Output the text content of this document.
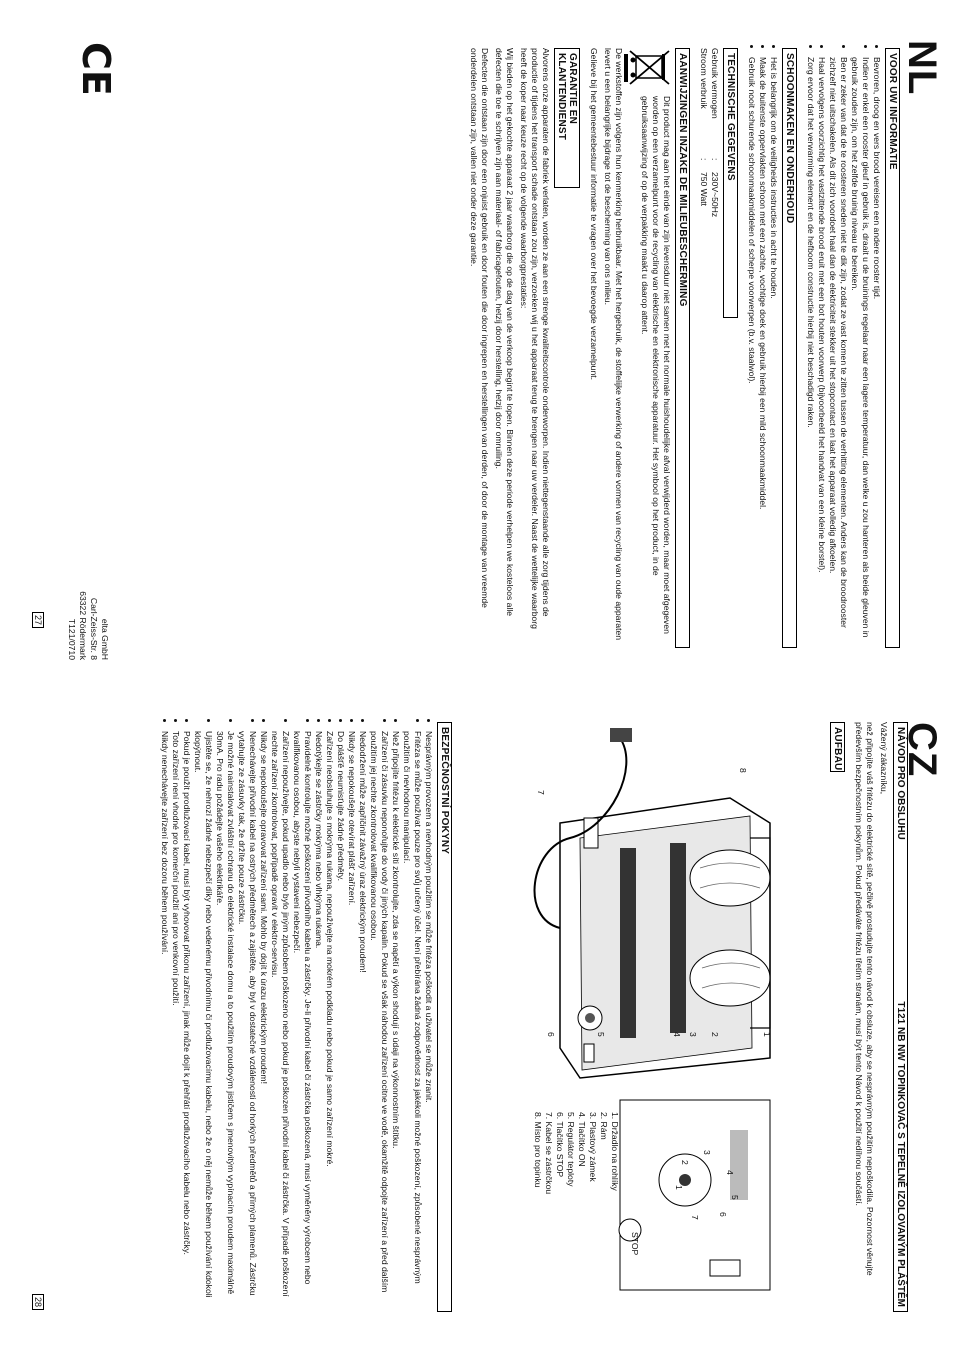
NL
VOOR UW INFORMATIE
• Bevroren, droog en vers brood vereisen een andere rooster tijd.
• Indien er enkel een rooster gleuf in gebruik is, draait u de bruinings regelaar naar een lagere temperatuur, dan welke u zou hanteren als beide gleuven in gebruik zouden zijn, om het zelfde bruinig niveau te bereiken.
• Ben er zeker van dat de te roosteren sneden niet te dik zijn, zodat ze vast komen te zitten tussen de verhitting elementen. Anders kan de broodrooster zichzelf niet uitschakelen. Als dit zich voordoet haal dan de elektriciteit stekker uit het stopcontact en laat het apparaat volledig afkoelen.
• Haal vervolgens voorzichtig het vastzittende brood eruit met een bot houten voorwerp (bijvoorbeeld het handvat van een kleine borstel).
• Zorg ervoor dat het verwarming element en de hefboom constructie hierbij niet beschadigd raken.
SCHOONMAKEN EN ONDERHOUD
• Het is belangrijk om de veiligheids instructies in acht te houden.
• Maak de buitenste oppervlakten schoon met een zachte, vochtige doek en gebruik hierbij een mild schoonmaakmiddel.
• Gebruik nooit schurende schoonmaakmiddelen of scherpe voorwerpen (b.v. staalwol).
TECHNISCHE GEGEVENS
Gebruik vermogen:230V~50Hz
Stroom verbruik:750 Watt
AANWIJZINGEN INZAKE DE MILIEUBESCHERMING

Dit product mag aan het einde van zijn levensduur niet samen met het normale huishoudelijke afval verwijderd worden, maar moet afgegeven worden op een verzamelpunt voor de recycling van elektrische en elektronische apparatuur. Het symbool op het product, in de gebruiksaanwijzing of op de verpakking maakt u daarop attent.

De werkstoffen zijn volgens hun kenmerking herbruikbaar. Met het hergebruik, de stoffelijke verwerking of andere vormen van recycling van oude apparaten levert u een belangrijke bijdrage tot de bescherming van ons milieu.

Gelieve bij het gemeentebestuur informatie te vragen over het bevoegde verzamelpunt.

GARANTIE EN KLANTENDIENST

Alvorens onze apparaten de fabriek verlaten, worden ze aan een strenge kwaliteitscontrole onderworpen. Indien niettegenstaande alle zorg tijdens de productie of tijdens het transport schade ontstaan zou zijn, verzoeken wij u het apparaat terug te brengen naar uw verdeler. Naast de wettelijke waarborg heeft de koper naar keuze recht op de volgende waarborgprestaties:

Wij bieden op het gekochte apparaat 2 jaar waarborg die op de dag van de verkoop begint te lopen. Binnen deze periode verhelpen we kosteloos alle defecten die toe te schrijven zijn aan materiaal- of fabricagefouten, hetzij door herstelling, hetzij door omruiling.

Defecten die ontstaan zijn door een onjuist gebruik en door fouten die door ingrepen en herstellingen van derden, of door de montage van vreemde onderdelen ontstaan zijn, vallen niet onder deze garantie.

elta GmbH
Carl-Zeiss-Str. 8
63322 Rödermark
T121/0710
CE
27
CZ
NÁVOD PRO OBSLUHU
T121 NB NW TOPINKOVAČ S TEPELNĚ IZOLOVANÝM PLÁŠTĚM

Vážený zákazníku,

než připojíte váš fritézu do elektrické sítě, pečlivě prostudujte tento návod k obsluze, aby se nesprávným použitím nepoškodila. Pozornost věnujte především bezpečnostním pokynům. Pokud předáváte fritézu třetím stranám, musí být tento Návod k použití nedílnou součástí.

AUFBAU
1
2
3
4
5
6
7
8
4
3
2
1
5
6
7
STOP
1. Držadlo na rohlíky
2. Rám
3. Plastový zámek
4. Tlačítko ON
5. Regulátor teploty
6. Tlačítko STOP
7. Kabel se zástrčkou
8. Místo pro topinku
BEZPEČNOSTNÍ POKYNY
• Nesprávným provozem a nevhodným použitím se může fritéza poškodit a uživatel se může zranit.
• Fritéza se může používat pouze pro svůj určený účel. Není přebírána žádná zodpovědnost za jakékoli možné poškození, způsobené nesprávným použitím či nevhodnou manipulací.
• Než připojíte fritézu k elektrické síti zkontrolujte, zda se napětí a výkon shodují s údaji na výkonnostním štítku.
• Zařízení či zásuvku neponořujte do vody či jiných kapalin. Pokud se však náhodou zařízení ocitne ve vodě, okamžitě odpojte zařízení a před dalším použitím jej nechte zkontrolovat kvalifikovanou osobou.
• Nedodržení může zapříčinit závažný úraz elektrickým proudem!
• Nikdy se nepokoušejte otevírat plášť zařízení.
• Do plášťě neumisťujte žádné předměty.
• Zařízení neobsluhujte s mokrýma rukama, nepoužívejte na mokrém podkladu nebo pokud je samo zařízení mokré.
• Nedotýkejte se zástrčky mokrýma nebo vlhkýma rukama.
• Pravidelně kontrolujte možné poškození přívodního kabelu a zástrčky. Je-li přívodní kabel či zástrčka poškozená, musí vyměněny výrobcem nebo kvalifikovanou osobou, abyste nebyli vystaveni nebezpečí.
• Zařízení nepoužívejte, pokud upadlo nebo bylo jiným způsobem poškozeno nebo pokud je poškozen přívodní kabel či zástrčka. V případě poškození nechte zařízení zkontrolovat, popřípadě opravit v elektro-servisu.
• Nikdy se nepokoušejte opravovat zařízení sami. Mohlo by dojít k úrazu elektrickým proudem!
• Nenechávejte přívodní kabel na ostrých předmětech a zajistěte, aby byl v dostatečné vzdálenosti od horkých předmětů a přímých plamenů. Zástrčku vytahujte ze zásuvky tak, že držíte pouze zástrčku.
• Je možné nainstalovat zvláštní ochranu do elektrické instalace domu a to použitím proudovým jističem s jmenovitým vypínacím proudem maximálně 30mA. Pro radu požádejte vašeho elektrikáře.
• Ujistěte se, že nehrozí žádné nebezpečí díky nebo vedenému přívodnímu či prodlužovacímu kabelu, nebo že o něj nemůže během používání kdokoli klopýtnout.
• Pokud je použit prodlužovací kabel, musí být vyhovovat příkonu zařízení, jinak může dojít k přehřátí prodlužovacího kabelu nebo zástrčky.
• Toto zařízení není vhodné pro komerční použití ani pro venkovní použití.
• Nikdy nenechávejte zařízení bez dozoru během používání.
28
